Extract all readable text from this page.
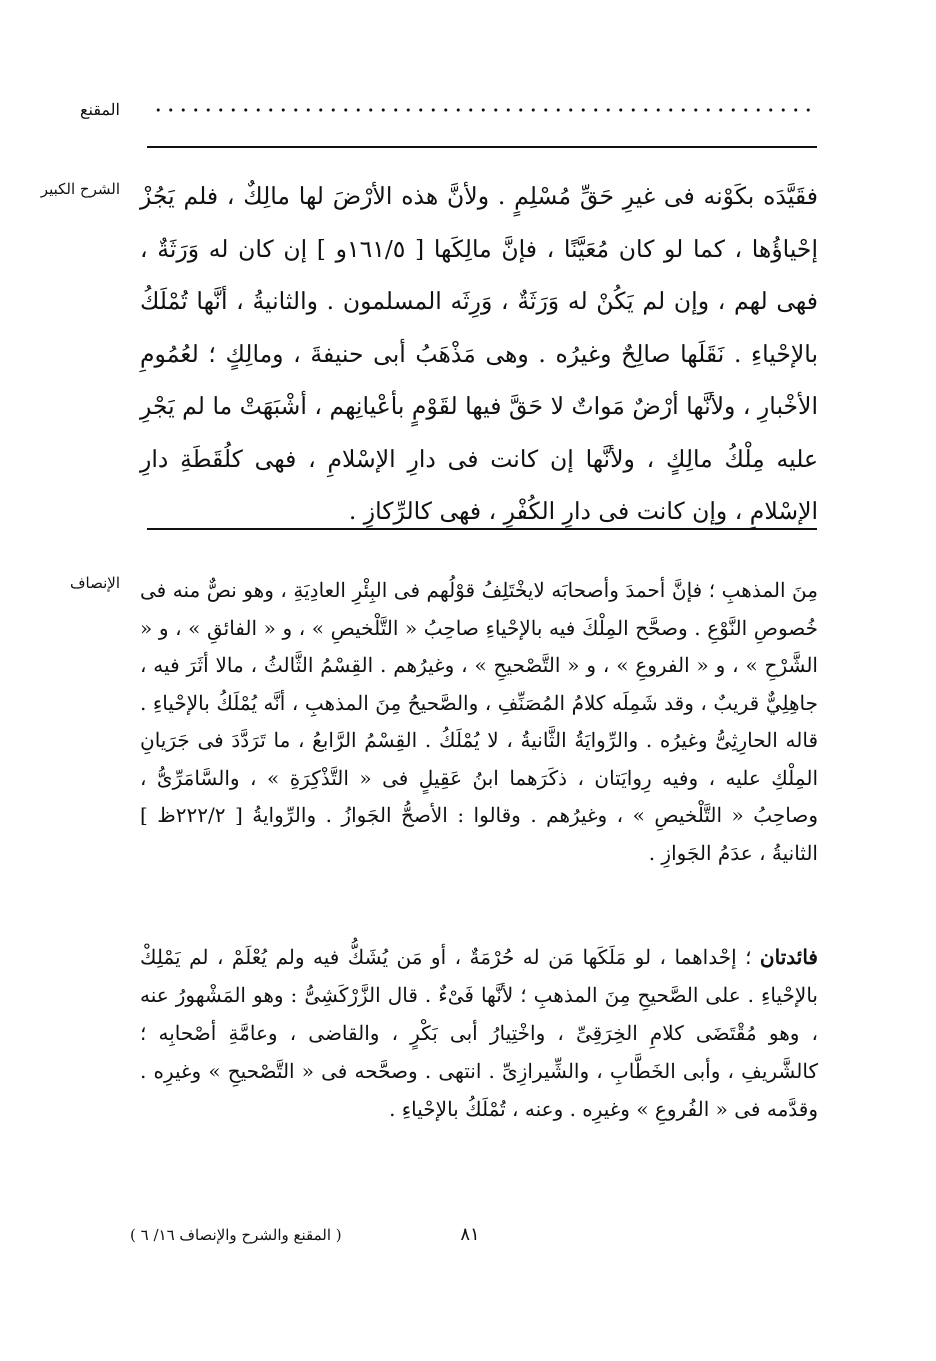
المقنع
الشرح الكبير فقَيَّدَه بكَوْنه فى غيرِ حَقِّ مُسْلِمٍ . ولأنَّ هذه الأرْضَ لها مالِكٌ ، فلم يَجُزْ إحْياؤُها ، كما لو كان مُعَيَّنًا ، فإنَّ مالِكَها [ ١٦١/٥و ] إن كان له وَرَثَةٌ ، فهى لهم ، وإن لم يَكُنْ له وَرَثَةٌ ، وَرِثَه المسلمون . والثانيةُ ، أنَّها تُمْلَكُ بالإحْياءِ . نَقَلَها صالِحٌ وغيرُه . وهى مَذْهَبُ أبى حنيفةَ ، ومالِكٍ ؛ لعُمُومِ الأخْبارِ ، ولأنَّها أرْضٌ مَواتٌ لا حَقَّ فيها لقَوْمٍ بأعْيانِهم ، أشْبَهَتْ ما لم يَجْرِ عليه مِلْكُ مالِكٍ ، ولأنَّها إن كانت فى دارِ الإسْلامِ ، فهى كلُقَطَةِ دارِ الإسْلامِ ، وإن كانت فى دارِ الكُفْرِ ، فهى كالرِّكازِ .

الإنصاف مِنَ المذهبِ ؛ فإنَّ أحمدَ وأصحابَه لايخْتَلِفُ قوْلُهم فى البِئْرِ العادِيَةِ ، وهو نصٌّ منه فى خُصوصِ النَّوْعِ . وصحَّح المِلْكَ فيه بالإحْياءِ صاحِبُ « التَّلْخيصِ » ، و « الفائقِ » ، و « الشَّرْحِ » ، و « الفروعِ » ، و « التَّصْحيحِ » ، وغيرُهم . القِسْمُ الثَّالثُ ، مالا أثَرَ فيه ، جاهِلِيٌّ قريبٌ ، وقد شَمِلَه كلامُ المُصَنِّفِ ، والصَّحيحُ مِنَ المذهبِ ، أنَّه يُمْلَكُ بالإحْياءِ . قاله الحارِثِىُّ وغيرُه . والرِّوايَةُ الثَّانيةُ ، لا يُمْلَكُ . القِسْمُ الرَّابعُ ، ما تَرَدَّدَ فى جَرَيانِ المِلْكِ عليه ، وفيه رِوايَتان ، ذكَرَهما ابنُ عَقِيلٍ فى « التَّذْكِرَةِ » ، والسَّامَرِّىُّ ، وصاحِبُ « التَّلْخيصِ » ، وغيرُهم . وقالوا : الأصحُّ الجَوازُ . والرِّوايةُ [ ٢٢٢/٢ظ ] الثانيةُ ، عدَمُ الجَوازِ .

فائدتان ؛ إحْداهما ، لو مَلَكَها مَن له حُرْمَةٌ ، أو مَن يُشَكُّ فيه ولم يُعْلَمْ ، لم يَمْلِكْ بالإحْياءِ . على الصَّحيحِ مِنَ المذهبِ ؛ لأنَّها فَىْءٌ . قال الزَّرْكَشِىُّ : وهو المَشْهورُ عنه ، وهو مُقْتَضَى كلامِ الخِرَقِىِّ ، واخْتِيارُ أبى بَكْرٍ ، والقاضى ، وعامَّةِ أصْحابِه ؛ كالشَّريفِ ، وأبى الخَطَّابِ ، والشِّيرازِىِّ . انتهى . وصحَّحه فى « التَّصْحيحِ » وغيرِه . وقدَّمه فى « الفُروعِ » وغيرِه . وعنه ، تُمْلَكُ بالإحْياءِ .

٨١
( المقنع والشرح والإنصاف ١٦/ ٦ )
